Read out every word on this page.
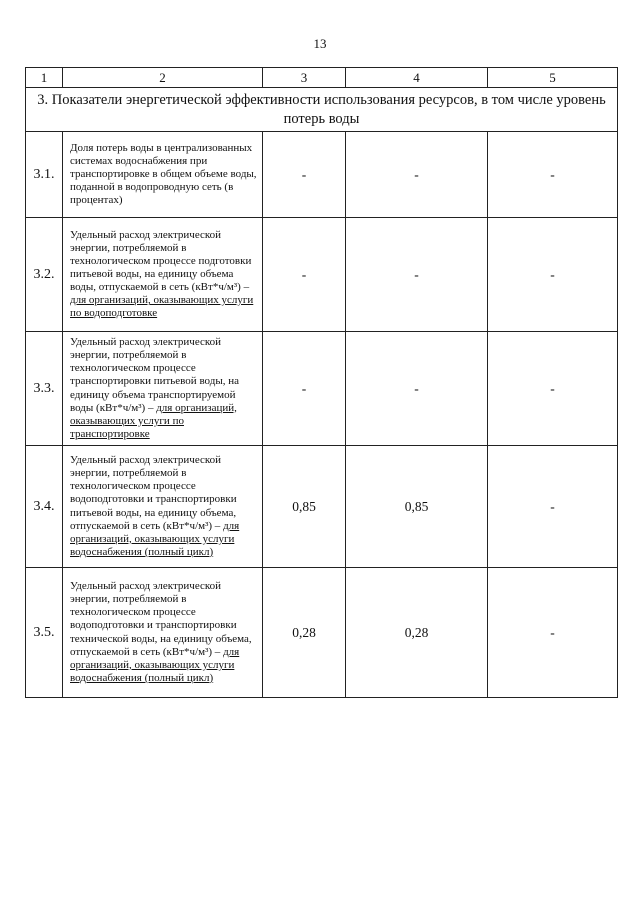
13
1	2	3	4	5
3. Показатели энергетической эффективности использования ресурсов, в том числе уровень потерь воды				
3.1.	Доля потерь воды в централизованных системах водоснабжения при транспортировке в общем объеме воды, поданной в водопроводную сеть (в процентах)	-	-	-
3.2.	Удельный расход электрической энергии, потребляемой в технологическом процессе подготовки питьевой воды, на единицу объема воды, отпускаемой в сеть (кВт*ч/м³) – для организаций, оказывающих услуги по водоподготовке	-	-	-
3.3.	Удельный расход электрической энергии, потребляемой в технологическом процессе транспортировки питьевой воды, на единицу объема транспортируемой воды (кВт*ч/м³) – для организаций, оказывающих услуги по транспортировке	-	-	-
3.4.	Удельный расход электрической энергии, потребляемой в технологическом процессе водоподготовки и транспортировки питьевой воды, на единицу объема, отпускаемой в сеть (кВт*ч/м³) – для организаций, оказывающих услуги водоснабжения (полный цикл)	0,85	0,85	-
3.5.	Удельный расход электрической энергии, потребляемой в технологическом процессе водоподготовки и транспортировки технической воды, на единицу объема, отпускаемой в сеть (кВт*ч/м³) – для организаций, оказывающих услуги водоснабжения (полный цикл)	0,28	0,28	-
